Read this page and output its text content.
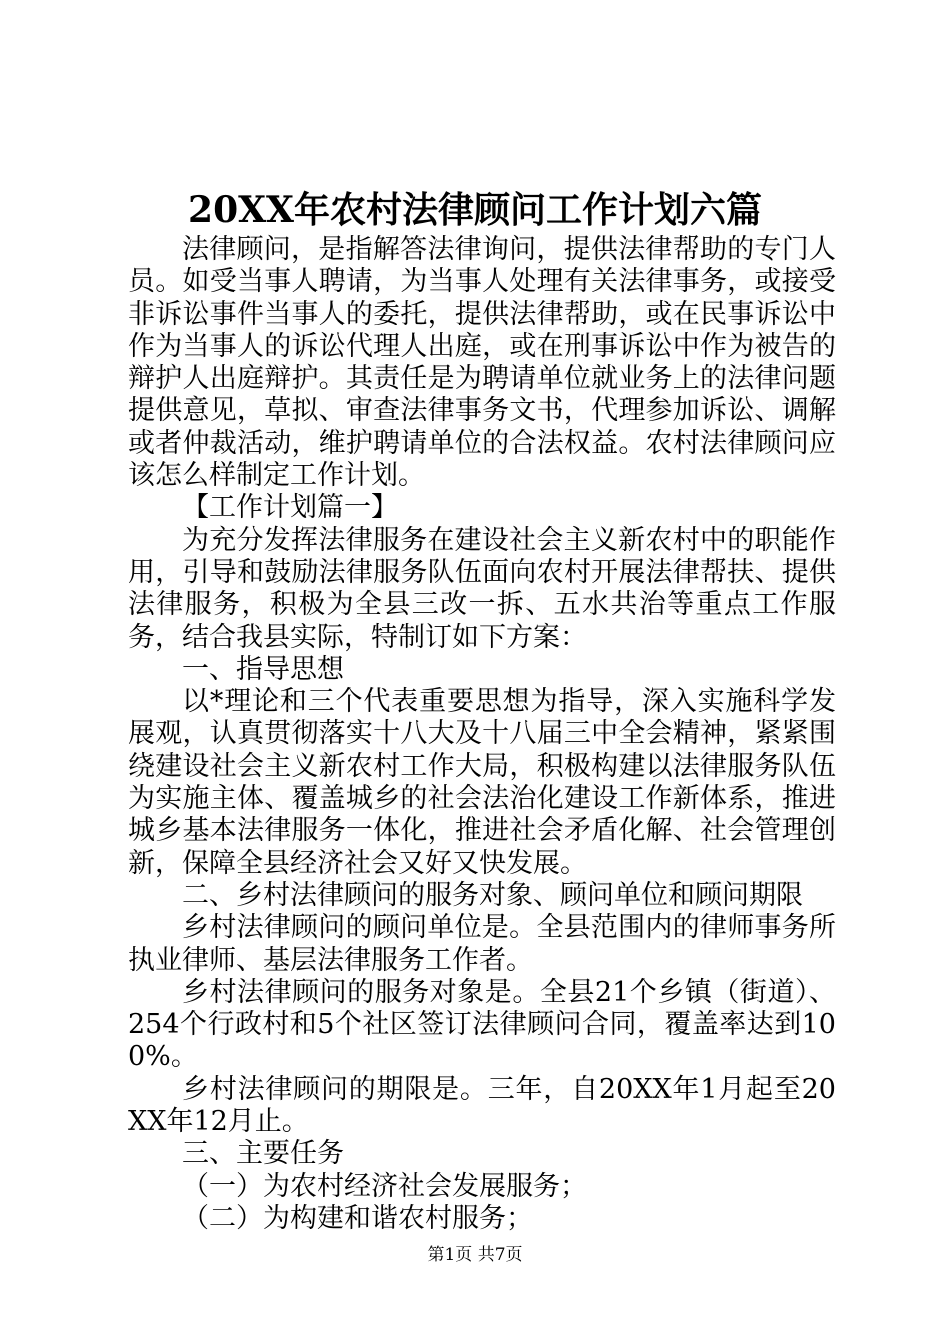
20XX年农村法律顾问工作计划六篇

法律顾问，是指解答法律询问，提供法律帮助的专门人员。如受当事人聘请，为当事人处理有关法律事务，或接受非诉讼事件当事人的委托，提供法律帮助，或在民事诉讼中作为当事人的诉讼代理人出庭，或在刑事诉讼中作为被告的辩护人出庭辩护。其责任是为聘请单位就业务上的法律问题提供意见，草拟、审查法律事务文书，代理参加诉讼、调解或者仲裁活动，维护聘请单位的合法权益。农村法律顾问应该怎么样制定工作计划。

【工作计划篇一】

为充分发挥法律服务在建设社会主义新农村中的职能作用，引导和鼓励法律服务队伍面向农村开展法律帮扶、提供法律服务，积极为全县三改一拆、五水共治等重点工作服务，结合我县实际，特制订如下方案：

一、指导思想

以*理论和三个代表重要思想为指导，深入实施科学发展观，认真贯彻落实十八大及十八届三中全会精神，紧紧围绕建设社会主义新农村工作大局，积极构建以法律服务队伍为实施主体、覆盖城乡的社会法治化建设工作新体系，推进城乡基本法律服务一体化，推进社会矛盾化解、社会管理创新，保障全县经济社会又好又快发展。

二、乡村法律顾问的服务对象、顾问单位和顾问期限

乡村法律顾问的顾问单位是。全县范围内的律师事务所执业律师、基层法律服务工作者。

乡村法律顾问的服务对象是。全县21个乡镇（街道）、254个行政村和5个社区签订法律顾问合同，覆盖率达到100%。

乡村法律顾问的期限是。三年，自20XX年1月起至20XX年12月止。

三、主要任务

（一）为农村经济社会发展服务；

（二）为构建和谐农村服务；

第1页 共7页
